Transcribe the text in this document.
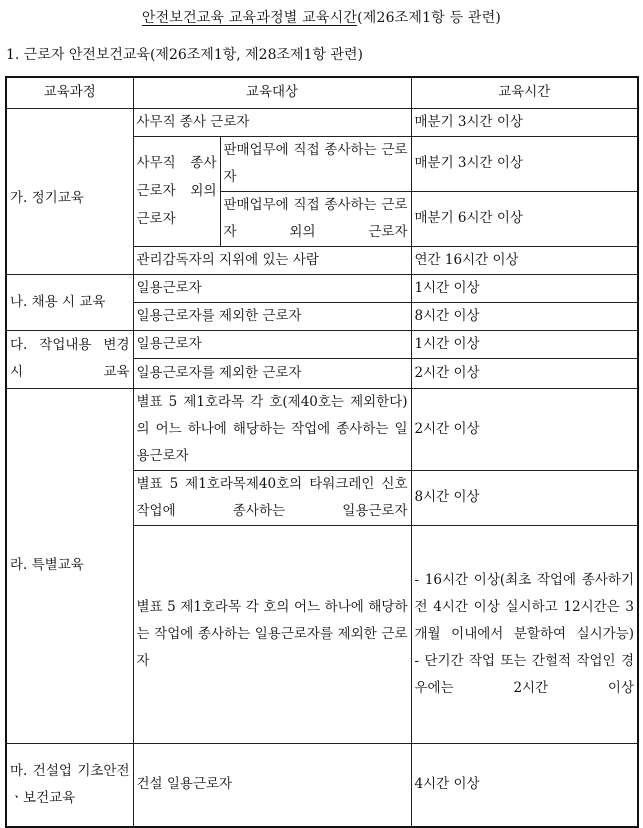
안전보건교육 교육과정별 교육시간(제26조제1항 등 관련)
1. 근로자 안전보건교육(제26조제1항, 제28조제1항 관련)
교육과정	교육대상		교육시간
가. 정기교육	사무직 종사 근로자		매분기 3시간 이상
	사무직 종사 근로자 외의 근로자	판매업무에 직접 종사하는 근로자	매분기 3시간 이상
		판매업무에 직접 종사하는 근로자 외의 근로자	매분기 6시간 이상
	관리감독자의 지위에 있는 사람		연간 16시간 이상
나. 채용 시 교육	일용근로자		1시간 이상
	일용근로자를 제외한 근로자		8시간 이상
다. 작업내용 변경 시 교육	일용근로자		1시간 이상
	일용근로자를 제외한 근로자		2시간 이상
라. 특별교육	별표 5 제1호라목 각 호(제40호는 제외한다)의 어느 하나에 해당하는 작업에 종사하는 일용근로자		2시간 이상
	별표 5 제1호라목제40호의 타워크레인 신호작업에 종사하는 일용근로자		8시간 이상
	별표 5 제1호라목 각 호의 어느 하나에 해당하는 작업에 종사하는 일용근로자를 제외한 근로자		- 16시간 이상(최초 작업에 종사하기 전 4시간 이상 실시하고 12시간은 3개월 이내에서 분할하여 실시가능)
- 단기간 작업 또는 간헐적 작업인 경우에는 2시간 이상

마. 건설업 기초안전ㆍ보건교육	건설 일용근로자		4시간 이상
